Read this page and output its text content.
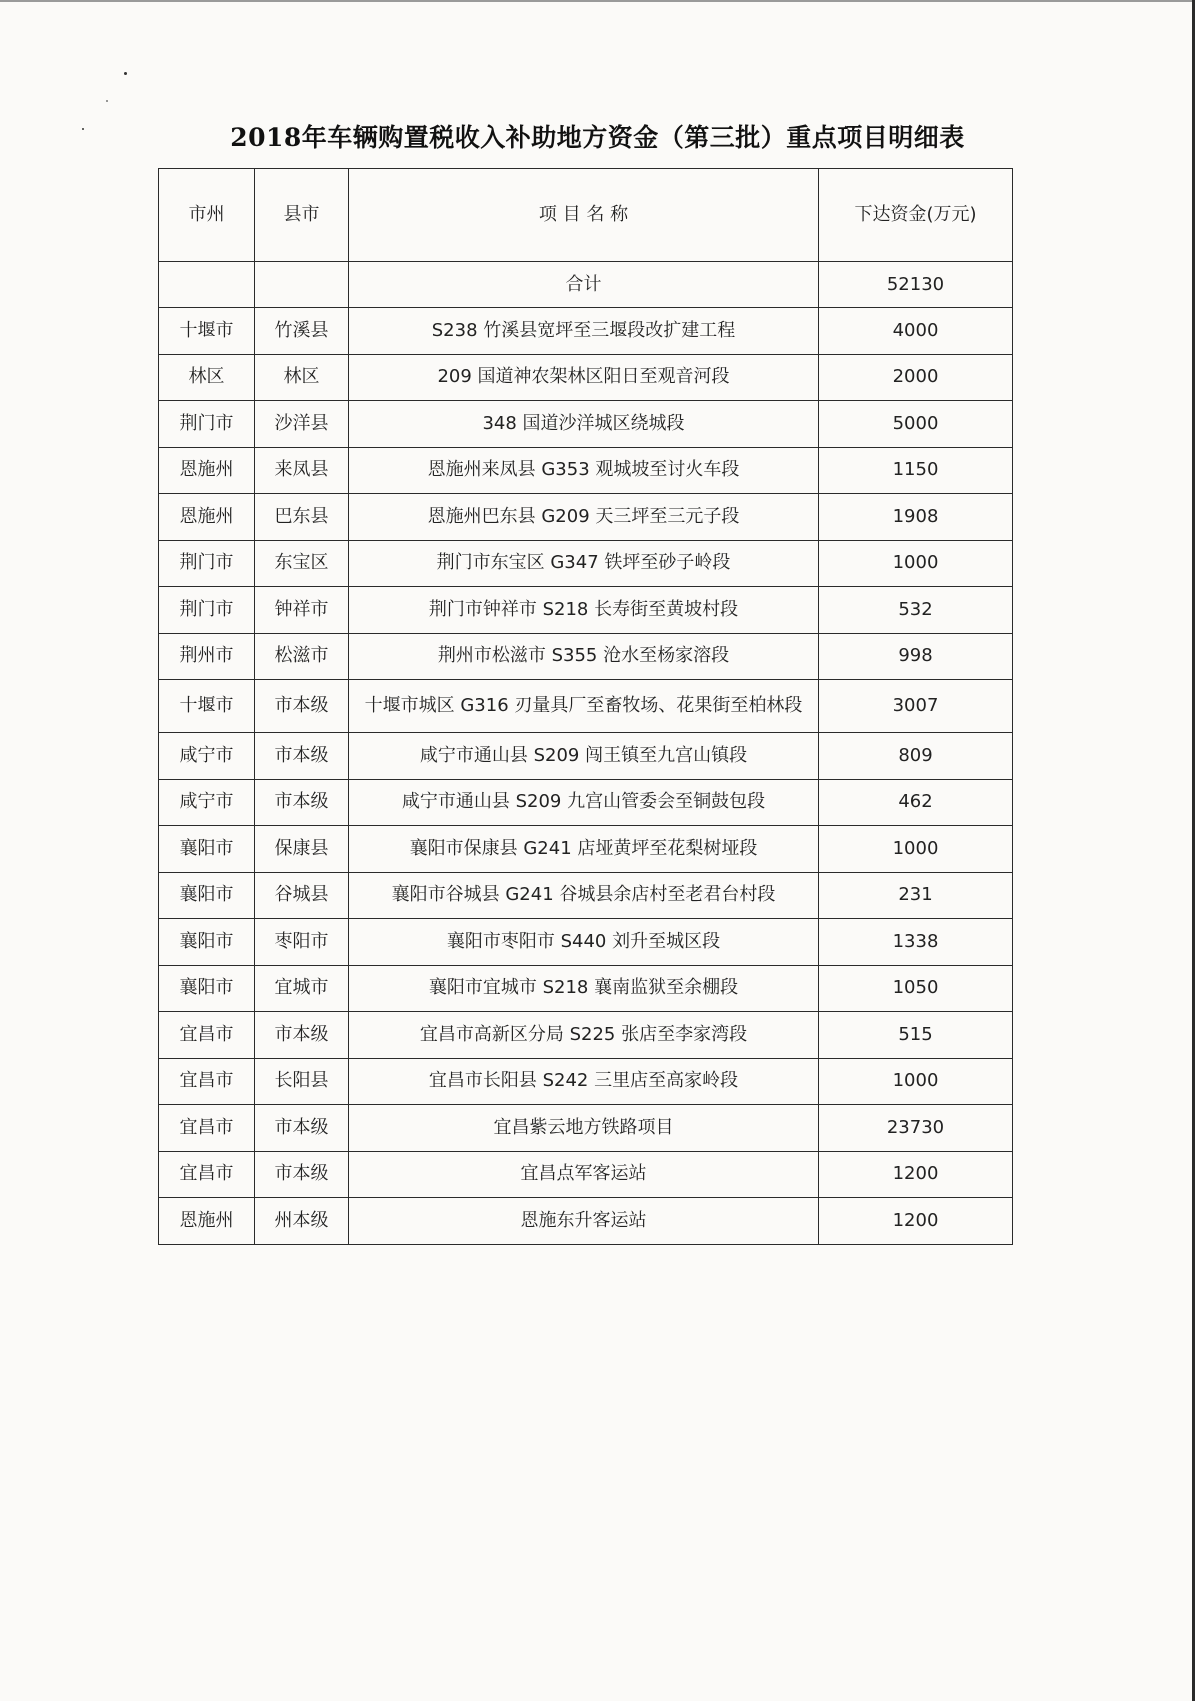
2018年车辆购置税收入补助地方资金（第三批）重点项目明细表
市州	县市	项 目 名 称	下达资金(万元)
		合计	52130
十堰市	竹溪县	S238 竹溪县宽坪至三堰段改扩建工程	4000
林区	林区	209 国道神农架林区阳日至观音河段	2000
荆门市	沙洋县	348 国道沙洋城区绕城段	5000
恩施州	来凤县	恩施州来凤县 G353 观城坡至讨火车段	1150
恩施州	巴东县	恩施州巴东县 G209 天三坪至三元子段	1908
荆门市	东宝区	荆门市东宝区 G347 铁坪至砂子岭段	1000
荆门市	钟祥市	荆门市钟祥市 S218 长寿街至黄坡村段	532
荆州市	松滋市	荆州市松滋市 S355 沧水至杨家溶段	998
十堰市	市本级	十堰市城区 G316 刃量具厂至畜牧场、花果街至柏林段	3007
咸宁市	市本级	咸宁市通山县 S209 闯王镇至九宫山镇段	809
咸宁市	市本级	咸宁市通山县 S209 九宫山管委会至铜鼓包段	462
襄阳市	保康县	襄阳市保康县 G241 店垭黄坪至花梨树垭段	1000
襄阳市	谷城县	襄阳市谷城县 G241 谷城县余店村至老君台村段	231
襄阳市	枣阳市	襄阳市枣阳市 S440 刘升至城区段	1338
襄阳市	宜城市	襄阳市宜城市 S218 襄南监狱至余棚段	1050
宜昌市	市本级	宜昌市高新区分局 S225 张店至李家湾段	515
宜昌市	长阳县	宜昌市长阳县 S242 三里店至高家岭段	1000
宜昌市	市本级	宜昌紫云地方铁路项目	23730
宜昌市	市本级	宜昌点军客运站	1200
恩施州	州本级	恩施东升客运站	1200
